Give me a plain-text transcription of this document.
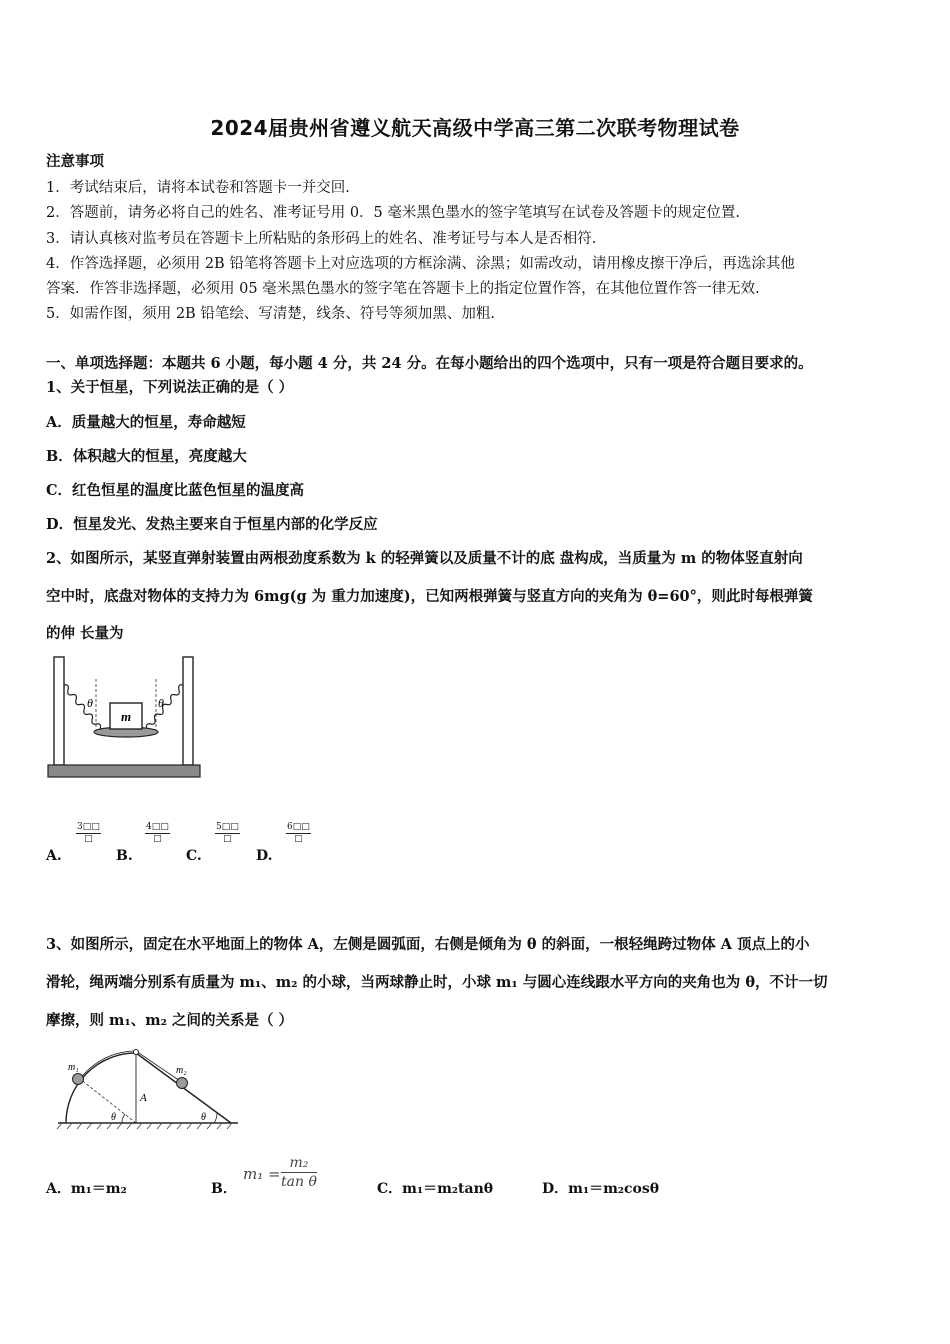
2024届贵州省遵义航天高级中学高三第二次联考物理试卷
注意事项
1．考试结束后，请将本试卷和答题卡一并交回.
2．答题前，请务必将自己的姓名、准考证号用 0．5 毫米黑色墨水的签字笔填写在试卷及答题卡的规定位置.
3．请认真核对监考员在答题卡上所粘贴的条形码上的姓名、准考证号与本人是否相符.
4．作答选择题，必须用 2B 铅笔将答题卡上对应选项的方框涂满、涂黑；如需改动，请用橡皮擦干净后，再选涂其他
答案．作答非选择题，必须用 05 毫米黑色墨水的签字笔在答题卡上的指定位置作答，在其他位置作答一律无效.
5．如需作图，须用 2B 铅笔绘、写清楚，线条、符号等须加黑、加粗.
一、单项选择题：本题共 6 小题，每小题 4 分，共 24 分。在每小题给出的四个选项中，只有一项是符合题目要求的。
1、关于恒星，下列说法正确的是（ ）
A．质量越大的恒星，寿命越短
B．体积越大的恒星，亮度越大
C．红色恒星的温度比蓝色恒星的温度高
D．恒星发光、发热主要来自于恒星内部的化学反应
2、如图所示，某竖直弹射装置由两根劲度系数为 k 的轻弹簧以及质量不计的底 盘构成，当质量为 m 的物体竖直射向
空中时，底盘对物体的支持力为 6mg(g 为 重力加速度)，已知两根弹簧与竖直方向的夹角为 θ=60°，则此时每根弹簧
的伸 长量为
m
θ	θ
A.
3□□
□
B.
4□□
□
C.
5□□
□
D.
6□□
□
3、如图所示，固定在水平地面上的物体 A，左侧是圆弧面，右侧是倾角为 θ 的斜面，一根轻绳跨过物体 A 顶点上的小
滑轮，绳两端分别系有质量为 m₁、m₂ 的小球，当两球静止时，小球 m₁ 与圆心连线跟水平方向的夹角也为 θ，不计一切
摩擦，则 m₁、m₂ 之间的关系是（ ）
m₁	m₂
A
θ	θ
A．m₁＝m₂	B．
$m_1 = \frac{\text{m₂}}{\text{tan θ}}$	C．m₁＝m₂tanθ	D．m₁＝m₂cosθ
